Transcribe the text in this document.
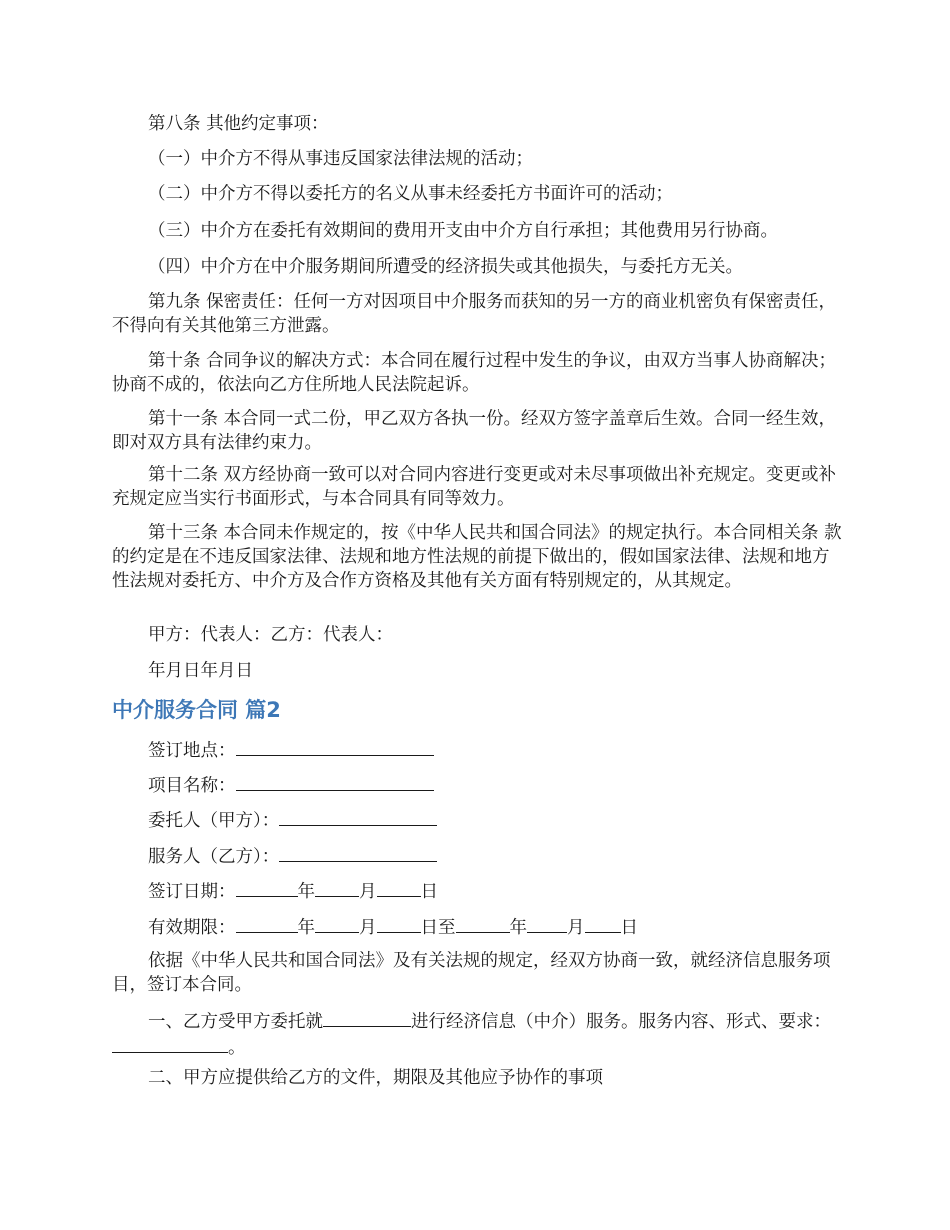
第八条 其他约定事项：
（一）中介方不得从事违反国家法律法规的活动；
（二）中介方不得以委托方的名义从事未经委托方书面许可的活动；
（三）中介方在委托有效期间的费用开支由中介方自行承担；其他费用另行协商。
（四）中介方在中介服务期间所遭受的经济损失或其他损失，与委托方无关。
第九条 保密责任：任何一方对因项目中介服务而获知的另一方的商业机密负有保密责任，不得向有关其他第三方泄露。
第十条 合同争议的解决方式：本合同在履行过程中发生的争议，由双方当事人协商解决；协商不成的，依法向乙方住所地人民法院起诉。
第十一条 本合同一式二份，甲乙双方各执一份。经双方签字盖章后生效。合同一经生效，即对双方具有法律约束力。
第十二条 双方经协商一致可以对合同内容进行变更或对未尽事项做出补充规定。变更或补充规定应当实行书面形式，与本合同具有同等效力。
第十三条 本合同未作规定的，按《中华人民共和国合同法》的规定执行。本合同相关条 款的约定是在不违反国家法律、法规和地方性法规的前提下做出的，假如国家法律、法规和地方性法规对委托方、中介方及合作方资格及其他有关方面有特别规定的，从其规定。
甲方：代表人：乙方：代表人：
年月日年月日
中介服务合同 篇2
签订地点：
项目名称：
委托人（甲方）：
服务人（乙方）：
签订日期：	年	月	日
有效期限：	年	月	日至	年 月 日
依据《中华人民共和国合同法》及有关法规的规定，经双方协商一致，就经济信息服务项目，签订本合同。
一、乙方受甲方委托就	进行经济信息（中介）服务。服务内容、形式、要求：。
二、甲方应提供给乙方的文件，期限及其他应予协作的事项
